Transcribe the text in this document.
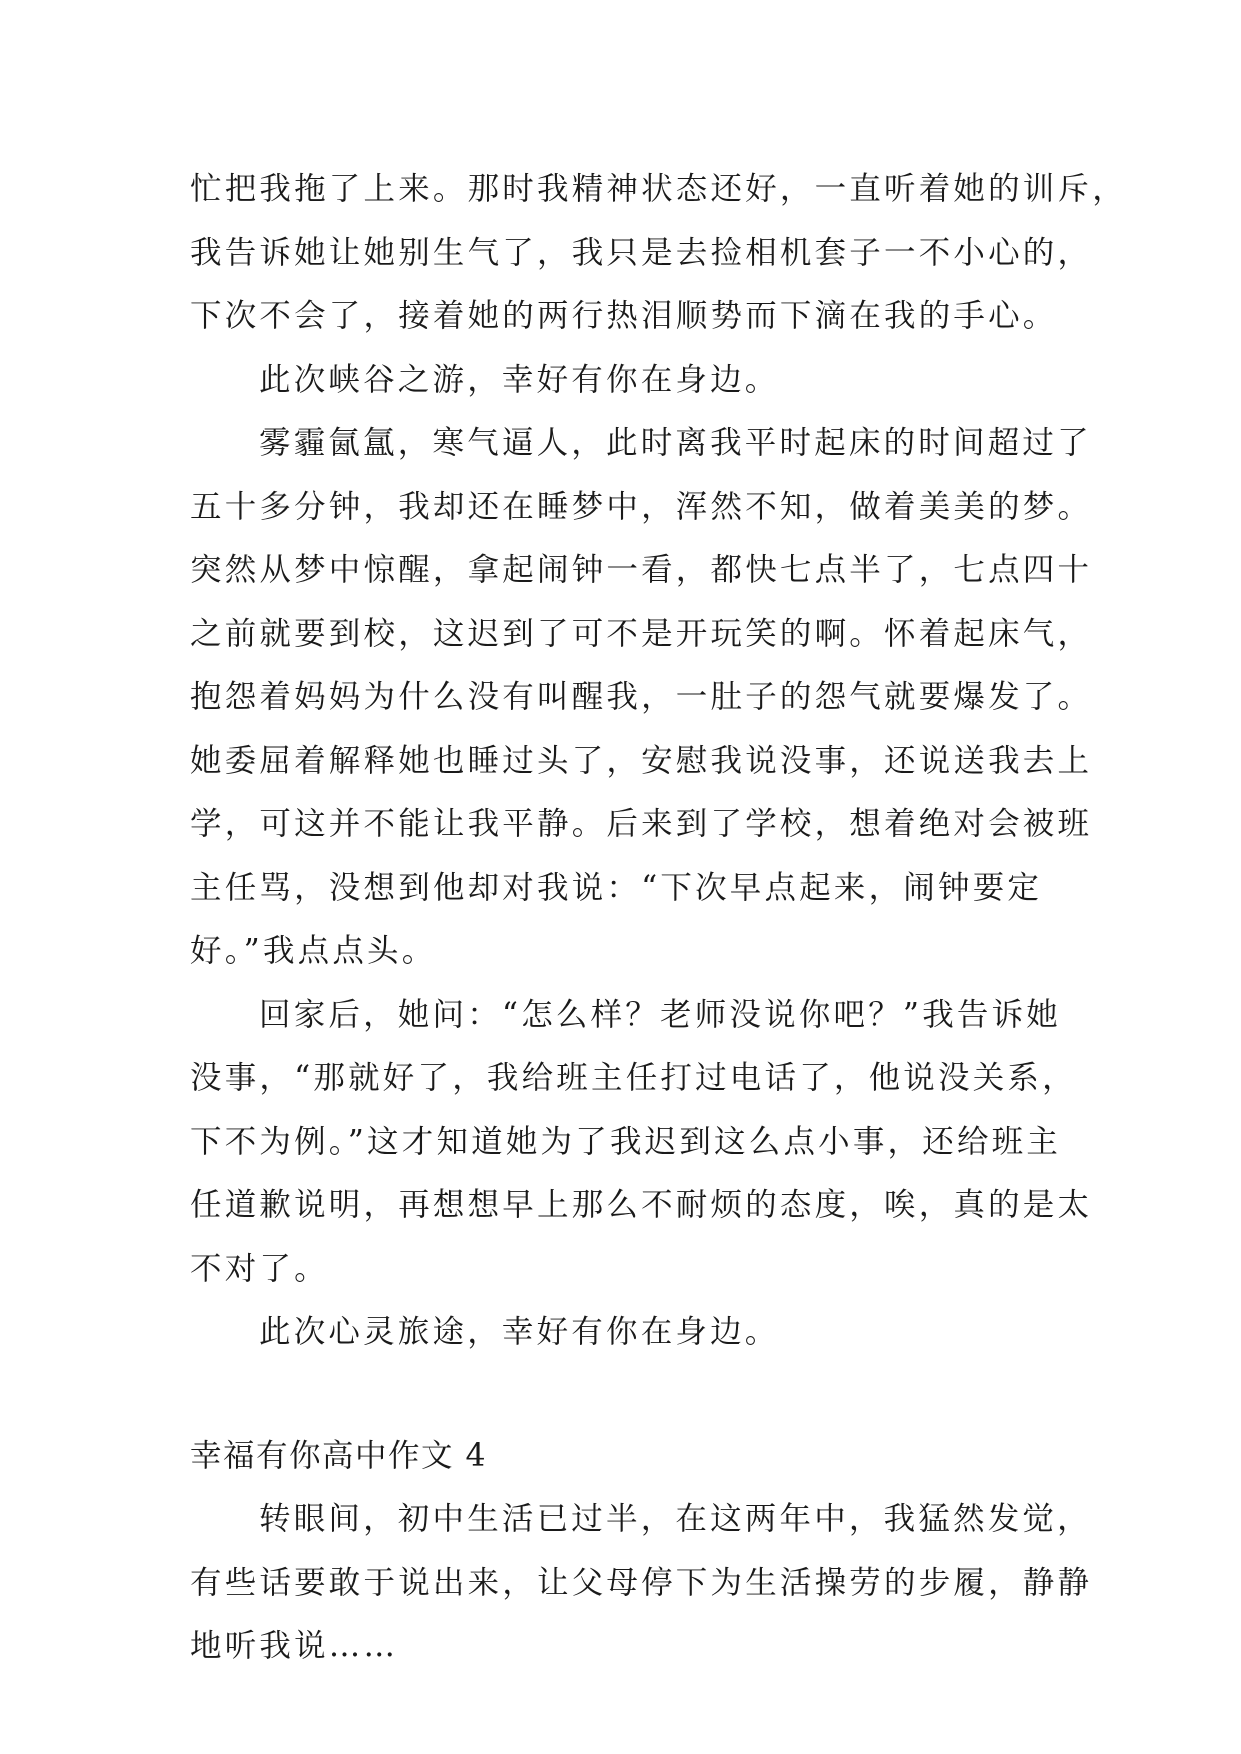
忙把我拖了上来。那时我精神状态还好，一直听着她的训斥，
我告诉她让她别生气了，我只是去捡相机套子一不小心的，
下次不会了，接着她的两行热泪顺势而下滴在我的手心。

此次峡谷之游，幸好有你在身边。

雾霾氤氲，寒气逼人，此时离我平时起床的时间超过了
五十多分钟，我却还在睡梦中，浑然不知，做着美美的梦。
突然从梦中惊醒，拿起闹钟一看，都快七点半了，七点四十
之前就要到校，这迟到了可不是开玩笑的啊。怀着起床气，
抱怨着妈妈为什么没有叫醒我，一肚子的怨气就要爆发了。
她委屈着解释她也睡过头了，安慰我说没事，还说送我去上
学，可这并不能让我平静。后来到了学校，想着绝对会被班
主任骂，没想到他却对我说：“下次早点起来，闹钟要定
好。”我点点头。

回家后，她问：“怎么样？老师没说你吧？”我告诉她
没事，“那就好了，我给班主任打过电话了，他说没关系，
下不为例。”这才知道她为了我迟到这么点小事，还给班主
任道歉说明，再想想早上那么不耐烦的态度，唉，真的是太
不对了。

此次心灵旅途，幸好有你在身边。

幸福有你高中作文 4

转眼间，初中生活已过半，在这两年中，我猛然发觉，
有些话要敢于说出来，让父母停下为生活操劳的步履，静静
地听我说……
